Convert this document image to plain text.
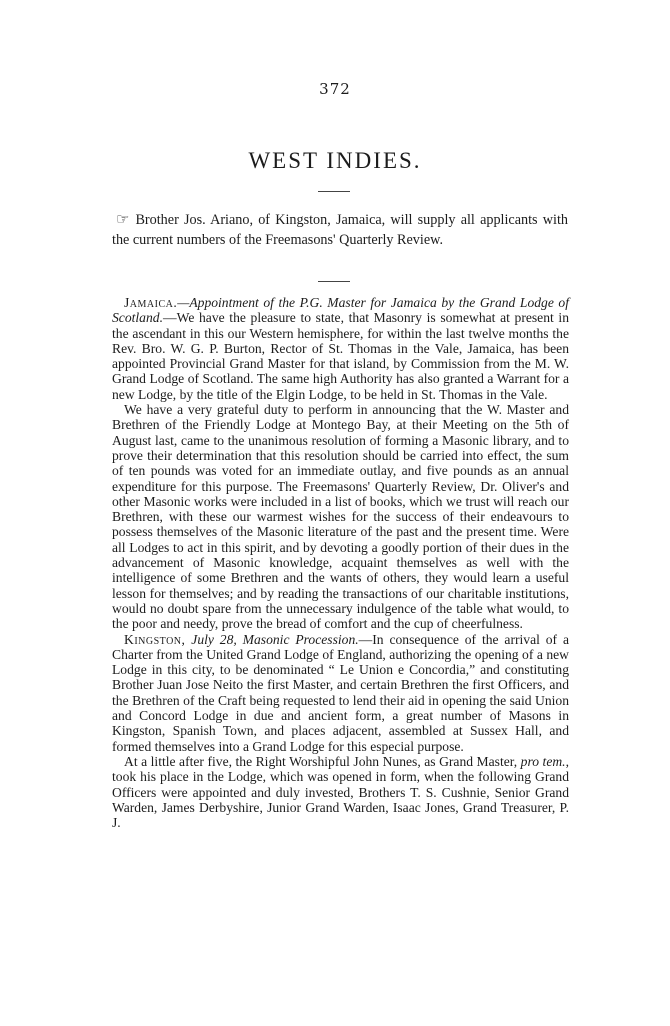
372
WEST INDIES.
☞ Brother Jos. Ariano, of Kingston, Jamaica, will supply all applicants with the current numbers of the Freemasons' Quarterly Review.

Jamaica.—Appointment of the P.G. Master for Jamaica by the Grand Lodge of Scotland.—We have the pleasure to state, that Masonry is somewhat at present in the ascendant in this our Western hemisphere, for within the last twelve months the Rev. Bro. W. G. P. Burton, Rector of St. Thomas in the Vale, Jamaica, has been appointed Provincial Grand Master for that island, by Commission from the M. W. Grand Lodge of Scotland. The same high Authority has also granted a Warrant for a new Lodge, by the title of the Elgin Lodge, to be held in St. Thomas in the Vale.

We have a very grateful duty to perform in announcing that the W. Master and Brethren of the Friendly Lodge at Montego Bay, at their Meeting on the 5th of August last, came to the unanimous resolution of forming a Masonic library, and to prove their determination that this resolution should be carried into effect, the sum of ten pounds was voted for an immediate outlay, and five pounds as an annual expenditure for this purpose. The Freemasons' Quarterly Review, Dr. Oliver's and other Masonic works were included in a list of books, which we trust will reach our Brethren, with these our warmest wishes for the success of their endeavours to possess themselves of the Masonic literature of the past and the present time. Were all Lodges to act in this spirit, and by devoting a goodly portion of their dues in the advancement of Masonic knowledge, acquaint themselves as well with the intelligence of some Brethren and the wants of others, they would learn a useful lesson for themselves; and by reading the transactions of our charitable institutions, would no doubt spare from the unnecessary indulgence of the table what would, to the poor and needy, prove the bread of comfort and the cup of cheerfulness.

Kingston, July 28, Masonic Procession.—In consequence of the arrival of a Charter from the United Grand Lodge of England, authorizing the opening of a new Lodge in this city, to be denominated “ Le Union e Concordia,” and constituting Brother Juan Jose Neito the first Master, and certain Brethren the first Officers, and the Brethren of the Craft being requested to lend their aid in opening the said Union and Concord Lodge in due and ancient form, a great number of Masons in Kingston, Spanish Town, and places adjacent, assembled at Sussex Hall, and formed themselves into a Grand Lodge for this especial purpose.

At a little after five, the Right Worshipful John Nunes, as Grand Master, pro tem., took his place in the Lodge, which was opened in form, when the following Grand Officers were appointed and duly invested, Brothers T. S. Cushnie, Senior Grand Warden, James Derbyshire, Junior Grand Warden, Isaac Jones, Grand Treasurer, P. J.
